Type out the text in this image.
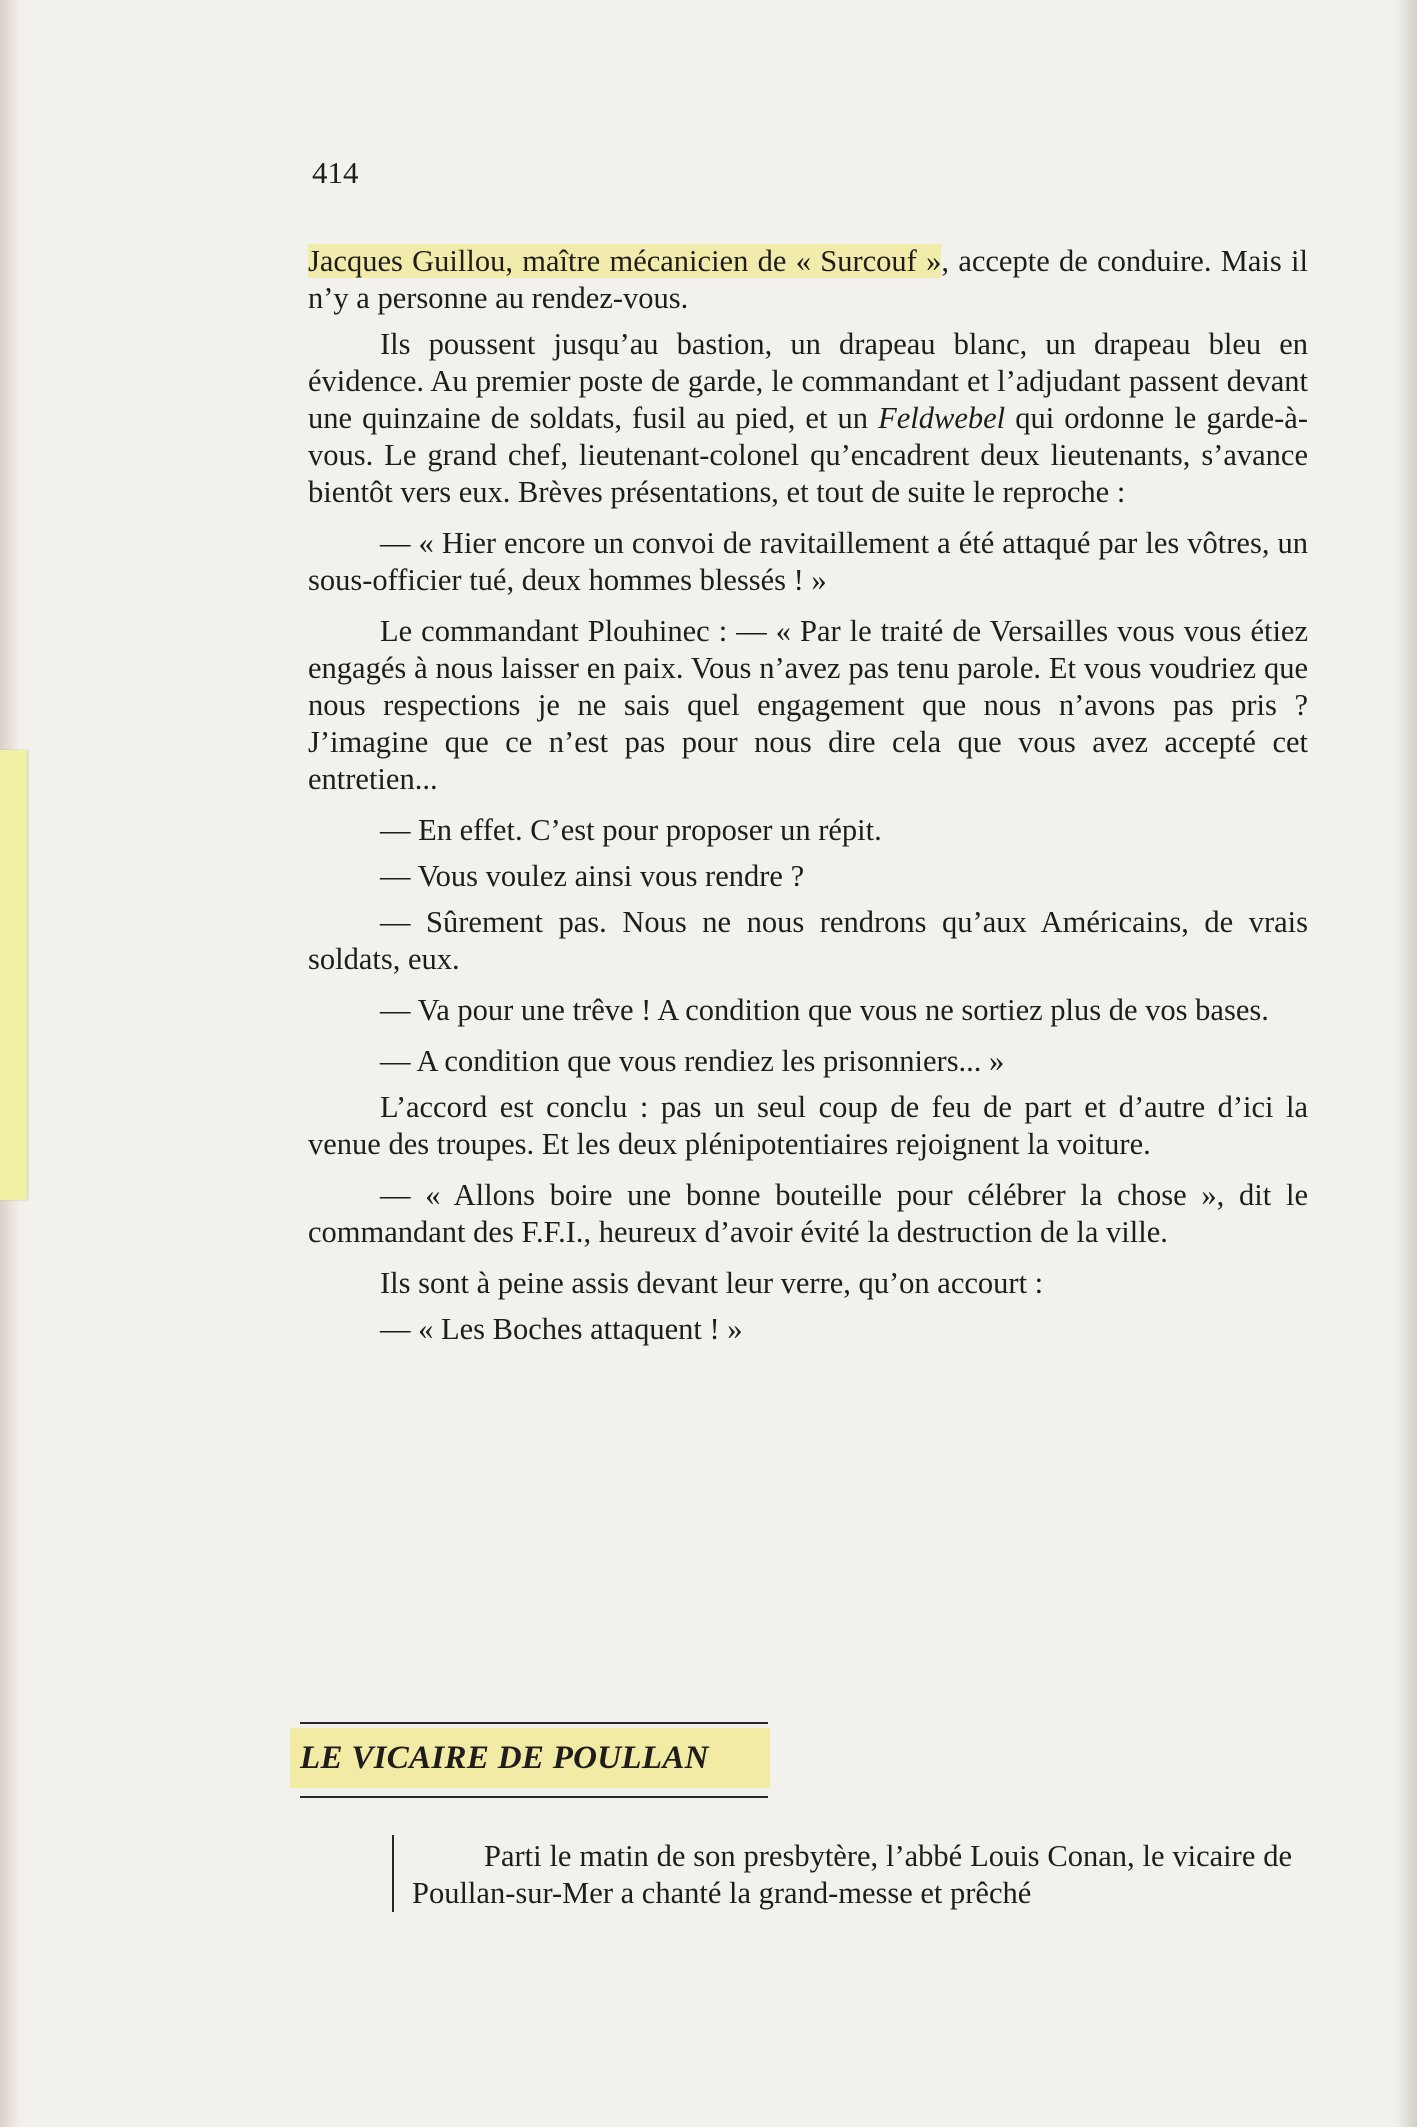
414

Jacques Guillou, maître mécanicien de « Surcouf », accepte de conduire. Mais il n’y a personne au rendez-vous.

Ils poussent jusqu’au bastion, un drapeau blanc, un drapeau bleu en évidence. Au premier poste de garde, le commandant et l’adjudant passent devant une quinzaine de soldats, fusil au pied, et un Feldwebel qui ordonne le garde-à-vous. Le grand chef, lieutenant-colonel qu’encadrent deux lieutenants, s’avance bientôt vers eux. Brèves présentations, et tout de suite le reproche :

— « Hier encore un convoi de ravitaillement a été attaqué par les vôtres, un sous-officier tué, deux hommes blessés ! »

Le commandant Plouhinec : — « Par le traité de Versailles vous vous étiez engagés à nous laisser en paix. Vous n’avez pas tenu parole. Et vous voudriez que nous respections je ne sais quel engagement que nous n’avons pas pris ? J’imagine que ce n’est pas pour nous dire cela que vous avez accepté cet entretien...

— En effet. C’est pour proposer un répit.

— Vous voulez ainsi vous rendre ?

— Sûrement pas. Nous ne nous rendrons qu’aux Américains, de vrais soldats, eux.

— Va pour une trêve ! A condition que vous ne sortiez plus de vos bases.

— A condition que vous rendiez les prisonniers... »

L’accord est conclu : pas un seul coup de feu de part et d’autre d’ici la venue des troupes. Et les deux plénipotentiaires rejoignent la voiture.

— « Allons boire une bonne bouteille pour célébrer la chose », dit le commandant des F.F.I., heureux d’avoir évité la destruction de la ville.

Ils sont à peine assis devant leur verre, qu’on accourt :

— « Les Boches attaquent ! »

LE VICAIRE DE POULLAN

Parti le matin de son presbytère, l’abbé Louis Conan, le vicaire de Poullan-sur-Mer a chanté la grand-messe et prêché
